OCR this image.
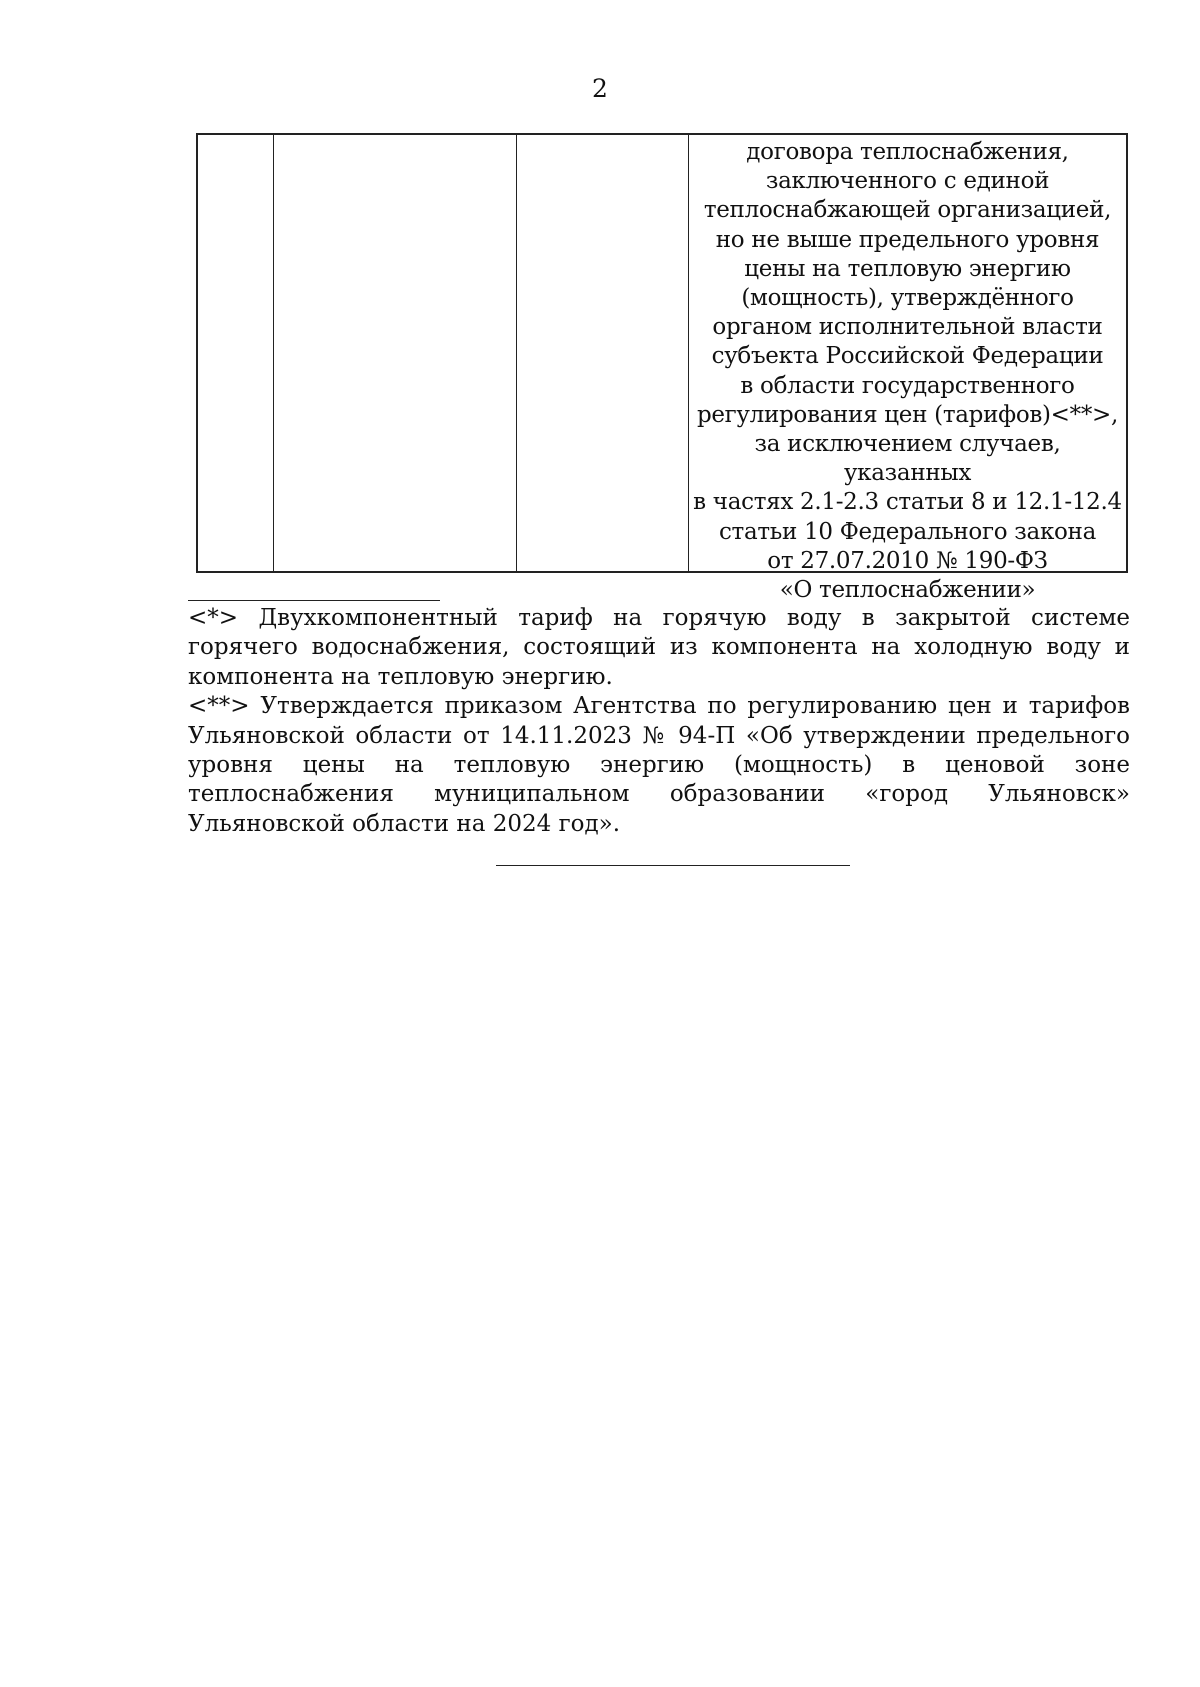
2
договора теплоснабжения,
заключенного с единой
теплоснабжающей организацией,
но не выше предельного уровня
цены на тепловую энергию
(мощность), утверждённого
органом исполнительной власти
субъекта Российской Федерации
в области государственного
регулирования цен (тарифов)<**>,
за исключением случаев, указанных
в частях 2.1-2.3 статьи 8 и 12.1-12.4
статьи 10 Федерального закона
от 27.07.2010 № 190-ФЗ
«О теплоснабжении»

<*> Двухкомпонентный тариф на горячую воду в закрытой системе горячего водоснабжения, состоящий из компонента на холодную воду и компонента на тепловую энергию.

<**> Утверждается приказом Агентства по регулированию цен и тарифов Ульяновской области от 14.11.2023 № 94-П «Об утверждении предельного уровня цены на тепловую энергию (мощность) в ценовой зоне теплоснабжения муниципальном образовании «город Ульяновск» Ульяновской области на 2024 год».
